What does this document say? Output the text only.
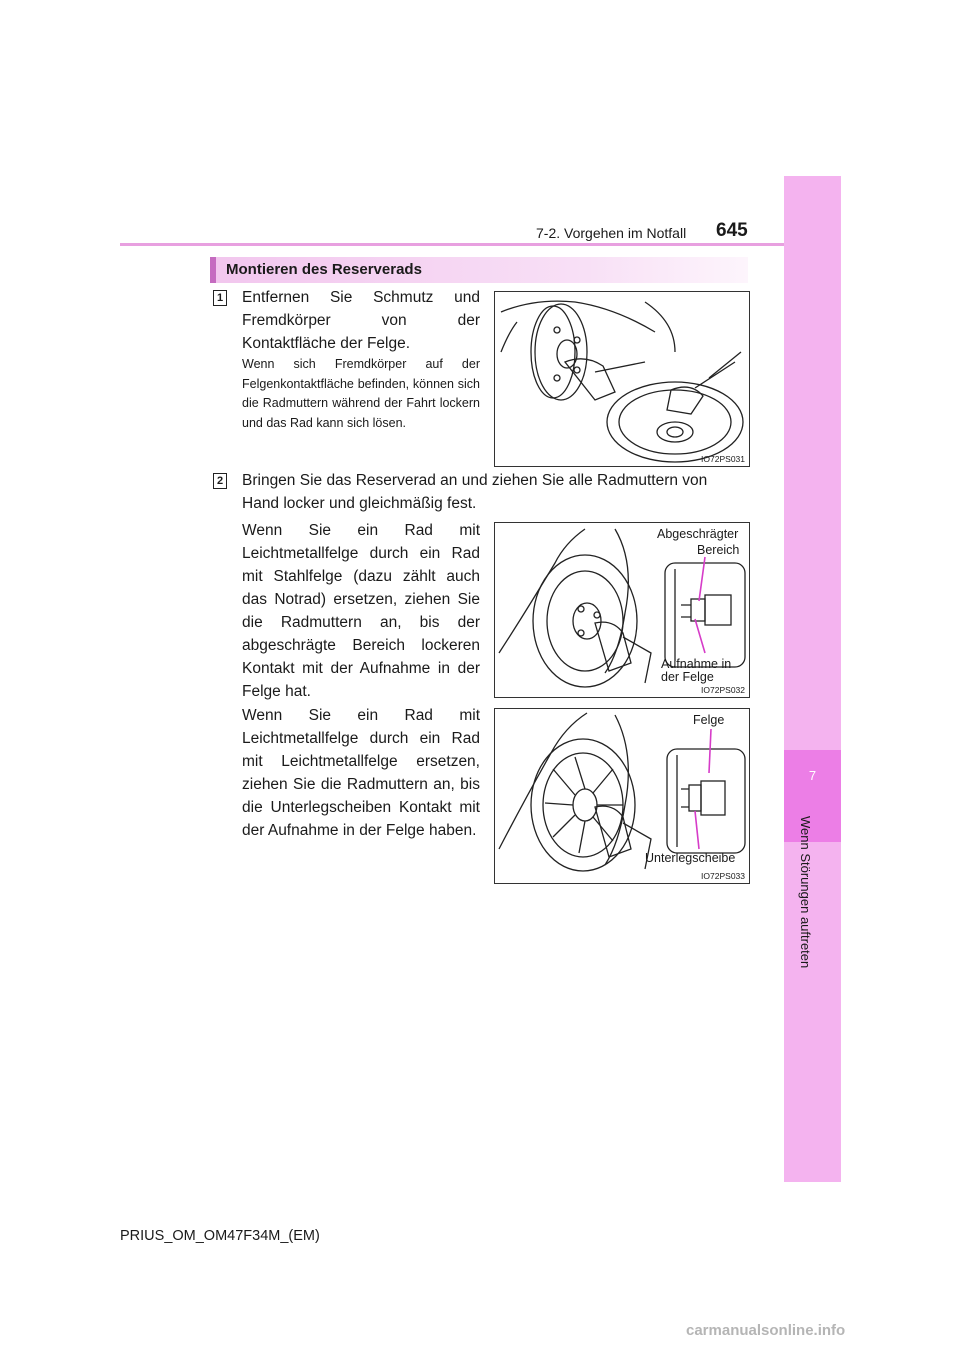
7-2. Vorgehen im Notfall 645
7
Wenn Störungen auftreten
Montieren des Reserverads
1 Entfernen Sie Schmutz und Fremdkörper von der Kontaktfläche der Felge.
Wenn sich Fremdkörper auf der Felgenkontaktfläche befinden, können sich die Radmuttern während der Fahrt lockern und das Rad kann sich lösen.
IO72PS031
2 Bringen Sie das Reserverad an und ziehen Sie alle Radmuttern von Hand locker und gleichmäßig fest.
Wenn Sie ein Rad mit Leichtmetallfelge durch ein Rad mit Stahlfelge (dazu zählt auch das Notrad) ersetzen, ziehen Sie die Radmuttern an, bis der abgeschrägte Bereich lockeren Kontakt mit der Aufnahme in der Felge hat.
Abgeschrägter
Bereich
Aufnahme in
der Felge
IO72PS032
Wenn Sie ein Rad mit Leichtmetallfelge durch ein Rad mit Leichtmetallfelge ersetzen, ziehen Sie die Radmuttern an, bis die Unterlegscheiben Kontakt mit der Aufnahme in der Felge haben.
Felge
Unterlegscheibe
IO72PS033
PRIUS_OM_OM47F34M_(EM)
carmanualsonline.info
